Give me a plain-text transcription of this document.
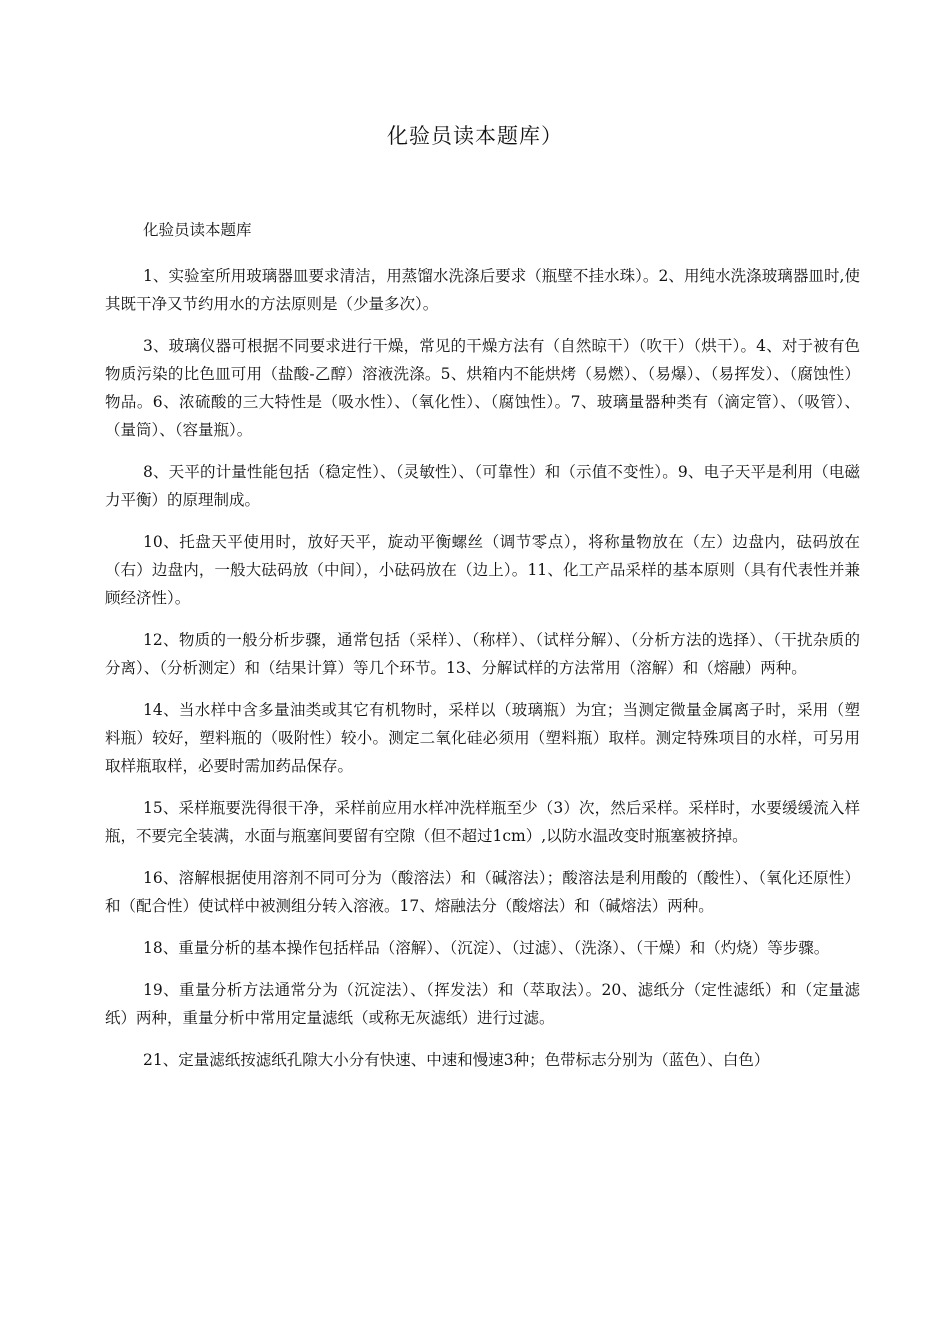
化验员读本题库）
化验员读本题库

1、实验室所用玻璃器皿要求清洁，用蒸馏水洗涤后要求（瓶壁不挂水珠）。2、用纯水洗涤玻璃器皿时,使其既干净又节约用水的方法原则是（少量多次）。

3、玻璃仪器可根据不同要求进行干燥，常见的干燥方法有（自然晾干）（吹干）（烘干）。4、对于被有色物质污染的比色皿可用（盐酸-乙醇）溶液洗涤。5、烘箱内不能烘烤（易燃）、（易爆）、（易挥发）、（腐蚀性）物品。6、浓硫酸的三大特性是（吸水性）、（氧化性）、（腐蚀性）。7、玻璃量器种类有（滴定管）、（吸管）、（量筒）、（容量瓶）。

8、天平的计量性能包括（稳定性）、（灵敏性）、（可靠性）和（示值不变性）。9、电子天平是利用（电磁力平衡）的原理制成。

10、托盘天平使用时，放好天平，旋动平衡螺丝（调节零点），将称量物放在（左）边盘内，砝码放在（右）边盘内，一般大砝码放（中间），小砝码放在（边上）。11、化工产品采样的基本原则（具有代表性并兼顾经济性）。

12、物质的一般分析步骤，通常包括（采样）、（称样）、（试样分解）、（分析方法的选择）、（干扰杂质的分离）、（分析测定）和（结果计算）等几个环节。13、分解试样的方法常用（溶解）和（熔融）两种。

14、当水样中含多量油类或其它有机物时，采样以（玻璃瓶）为宜；当测定微量金属离子时，采用（塑料瓶）较好，塑料瓶的（吸附性）较小。测定二氧化硅必须用（塑料瓶）取样。测定特殊项目的水样，可另用取样瓶取样，必要时需加药品保存。

15、采样瓶要洗得很干净，采样前应用水样冲洗样瓶至少（3）次，然后采样。采样时，水要缓缓流入样瓶，不要完全装满，水面与瓶塞间要留有空隙（但不超过1cm）,以防水温改变时瓶塞被挤掉。

16、溶解根据使用溶剂不同可分为（酸溶法）和（碱溶法）；酸溶法是利用酸的（酸性）、（氧化还原性）和（配合性）使试样中被测组分转入溶液。17、熔融法分（酸熔法）和（碱熔法）两种。

18、重量分析的基本操作包括样品（溶解）、（沉淀）、（过滤）、（洗涤）、（干燥）和（灼烧）等步骤。

19、重量分析方法通常分为（沉淀法）、（挥发法）和（萃取法）。20、滤纸分（定性滤纸）和（定量滤纸）两种，重量分析中常用定量滤纸（或称无灰滤纸）进行过滤。

21、定量滤纸按滤纸孔隙大小分有快速、中速和慢速3种；色带标志分别为（蓝色）、白色）
